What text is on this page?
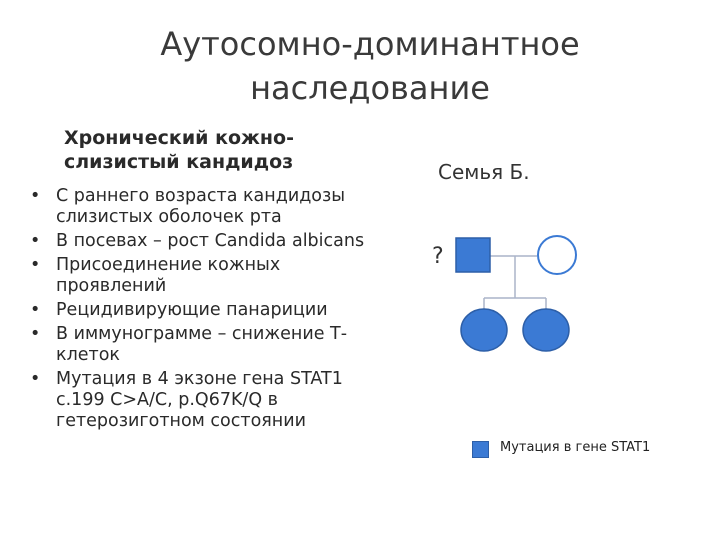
Аутосомно-доминантное
наследование
Хронический кожно-
слизистый кандидоз
• С раннего возраста кандидозы
слизистых оболочек рта
• В посевах – рост Candida albicans
• Присоединение кожных
проявлений
• Рецидивирующие панариции
• В иммунограмме – снижение Т-
клеток
• Мутация в 4 экзоне гена STAT1
с.199 C>A/C, p.Q67K/Q в
гетерозиготном состоянии
Семья Б.
?
Мутация в гене STAT1
